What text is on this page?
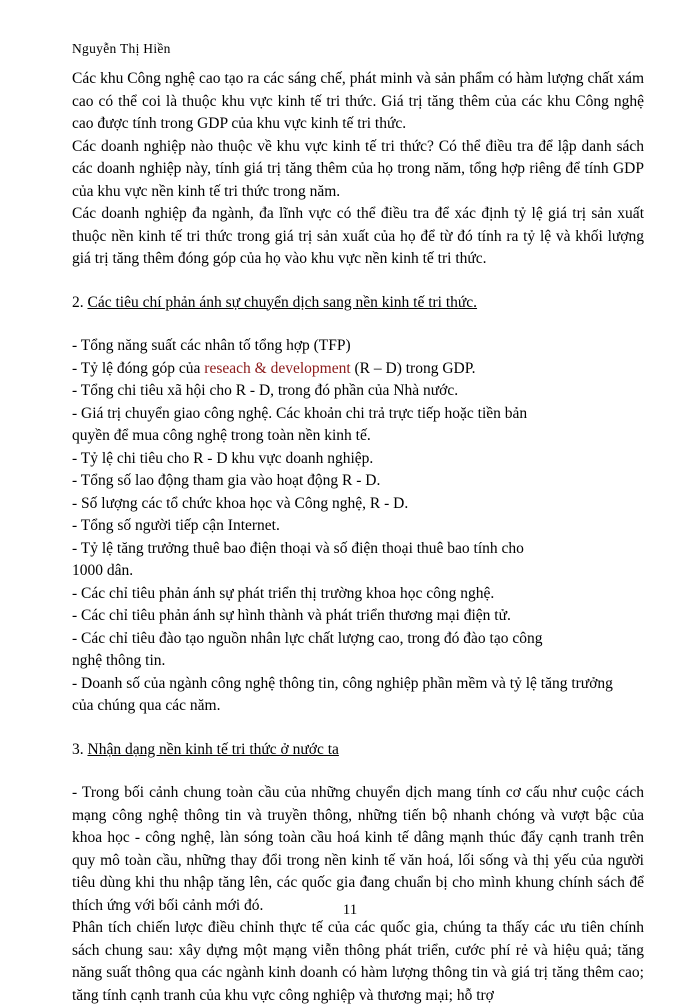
Nguyễn Thị Hiền

Các khu Công nghệ cao tạo ra các sáng chế, phát minh và sản phẩm có hàm lượng chất xám cao có thể coi là thuộc khu vực kinh tế tri thức. Giá trị tăng thêm của các khu Công nghệ cao được tính trong GDP của khu vực kinh tế tri thức.

Các doanh nghiệp nào thuộc về khu vực kinh tế tri thức? Có thể điều tra để lập danh sách các doanh nghiệp này, tính giá trị tăng thêm của họ trong năm, tổng hợp riêng để tính GDP của khu vực nền kinh tế tri thức trong năm.

Các doanh nghiệp đa ngành, đa lĩnh vực có thể điều tra để xác định tỷ lệ giá trị sản xuất thuộc nền kinh tế tri thức trong giá trị sản xuất của họ để từ đó tính ra tỷ lệ và khối lượng giá trị tăng thêm đóng góp của họ vào khu vực nền kinh tế tri thức.

2. Các tiêu chí phản ánh sự chuyển dịch sang nền kinh tế tri thức.

- Tổng năng suất các nhân tố tổng hợp (TFP)

- Tỷ lệ đóng góp của reseach & development (R – D) trong GDP.

- Tổng chi tiêu xã hội cho R - D, trong đó phần của Nhà nước.

- Giá trị chuyển giao công nghệ. Các khoản chi trả trực tiếp hoặc tiền bản

quyền để mua công nghệ trong toàn nền kinh tế.

- Tỷ lệ chi tiêu cho R - D khu vực doanh nghiệp.

- Tổng số lao động tham gia vào hoạt động R - D.

- Số lượng các tổ chức khoa học và Công nghệ, R - D.

- Tổng số người tiếp cận Internet.

- Tỷ lệ tăng trưởng thuê bao điện thoại và số điện thoại thuê bao tính cho

1000 dân.

- Các chỉ tiêu phản ánh sự phát triển thị trường khoa học công nghệ.

- Các chỉ tiêu phản ánh sự hình thành và phát triển thương mại điện tử.

- Các chỉ tiêu đào tạo nguồn nhân lực chất lượng cao, trong đó đào tạo công

nghệ thông tin.

- Doanh số của ngành công nghệ thông tin, công nghiệp phần mềm và tỷ lệ tăng trưởng

của chúng qua các năm.

3. Nhận dạng nền kinh tế tri thức ở nước ta

- Trong bối cảnh chung toàn cầu của những chuyển dịch mang tính cơ cấu như cuộc cách mạng công nghệ thông tin và truyền thông, những tiến bộ nhanh chóng và vượt bậc của khoa học - công nghệ, làn sóng toàn cầu hoá kinh tế dâng mạnh thúc đẩy cạnh tranh trên quy mô toàn cầu, những thay đổi trong nền kinh tế văn hoá, lối sống và thị yếu của người tiêu dùng khi thu nhập tăng lên, các quốc gia đang chuẩn bị cho mình khung chính sách để thích ứng với bối cảnh mới đó.

Phân tích chiến lược điều chỉnh thực tế của các quốc gia, chúng ta thấy các ưu tiên chính sách chung sau: xây dựng một mạng viễn thông phát triển, cước phí rẻ và hiệu quả; tăng năng suất thông qua các ngành kinh doanh có hàm lượng thông tin và giá trị tăng thêm cao; tăng tính cạnh tranh của khu vực công nghiệp và thương mại; hỗ trợ

11
